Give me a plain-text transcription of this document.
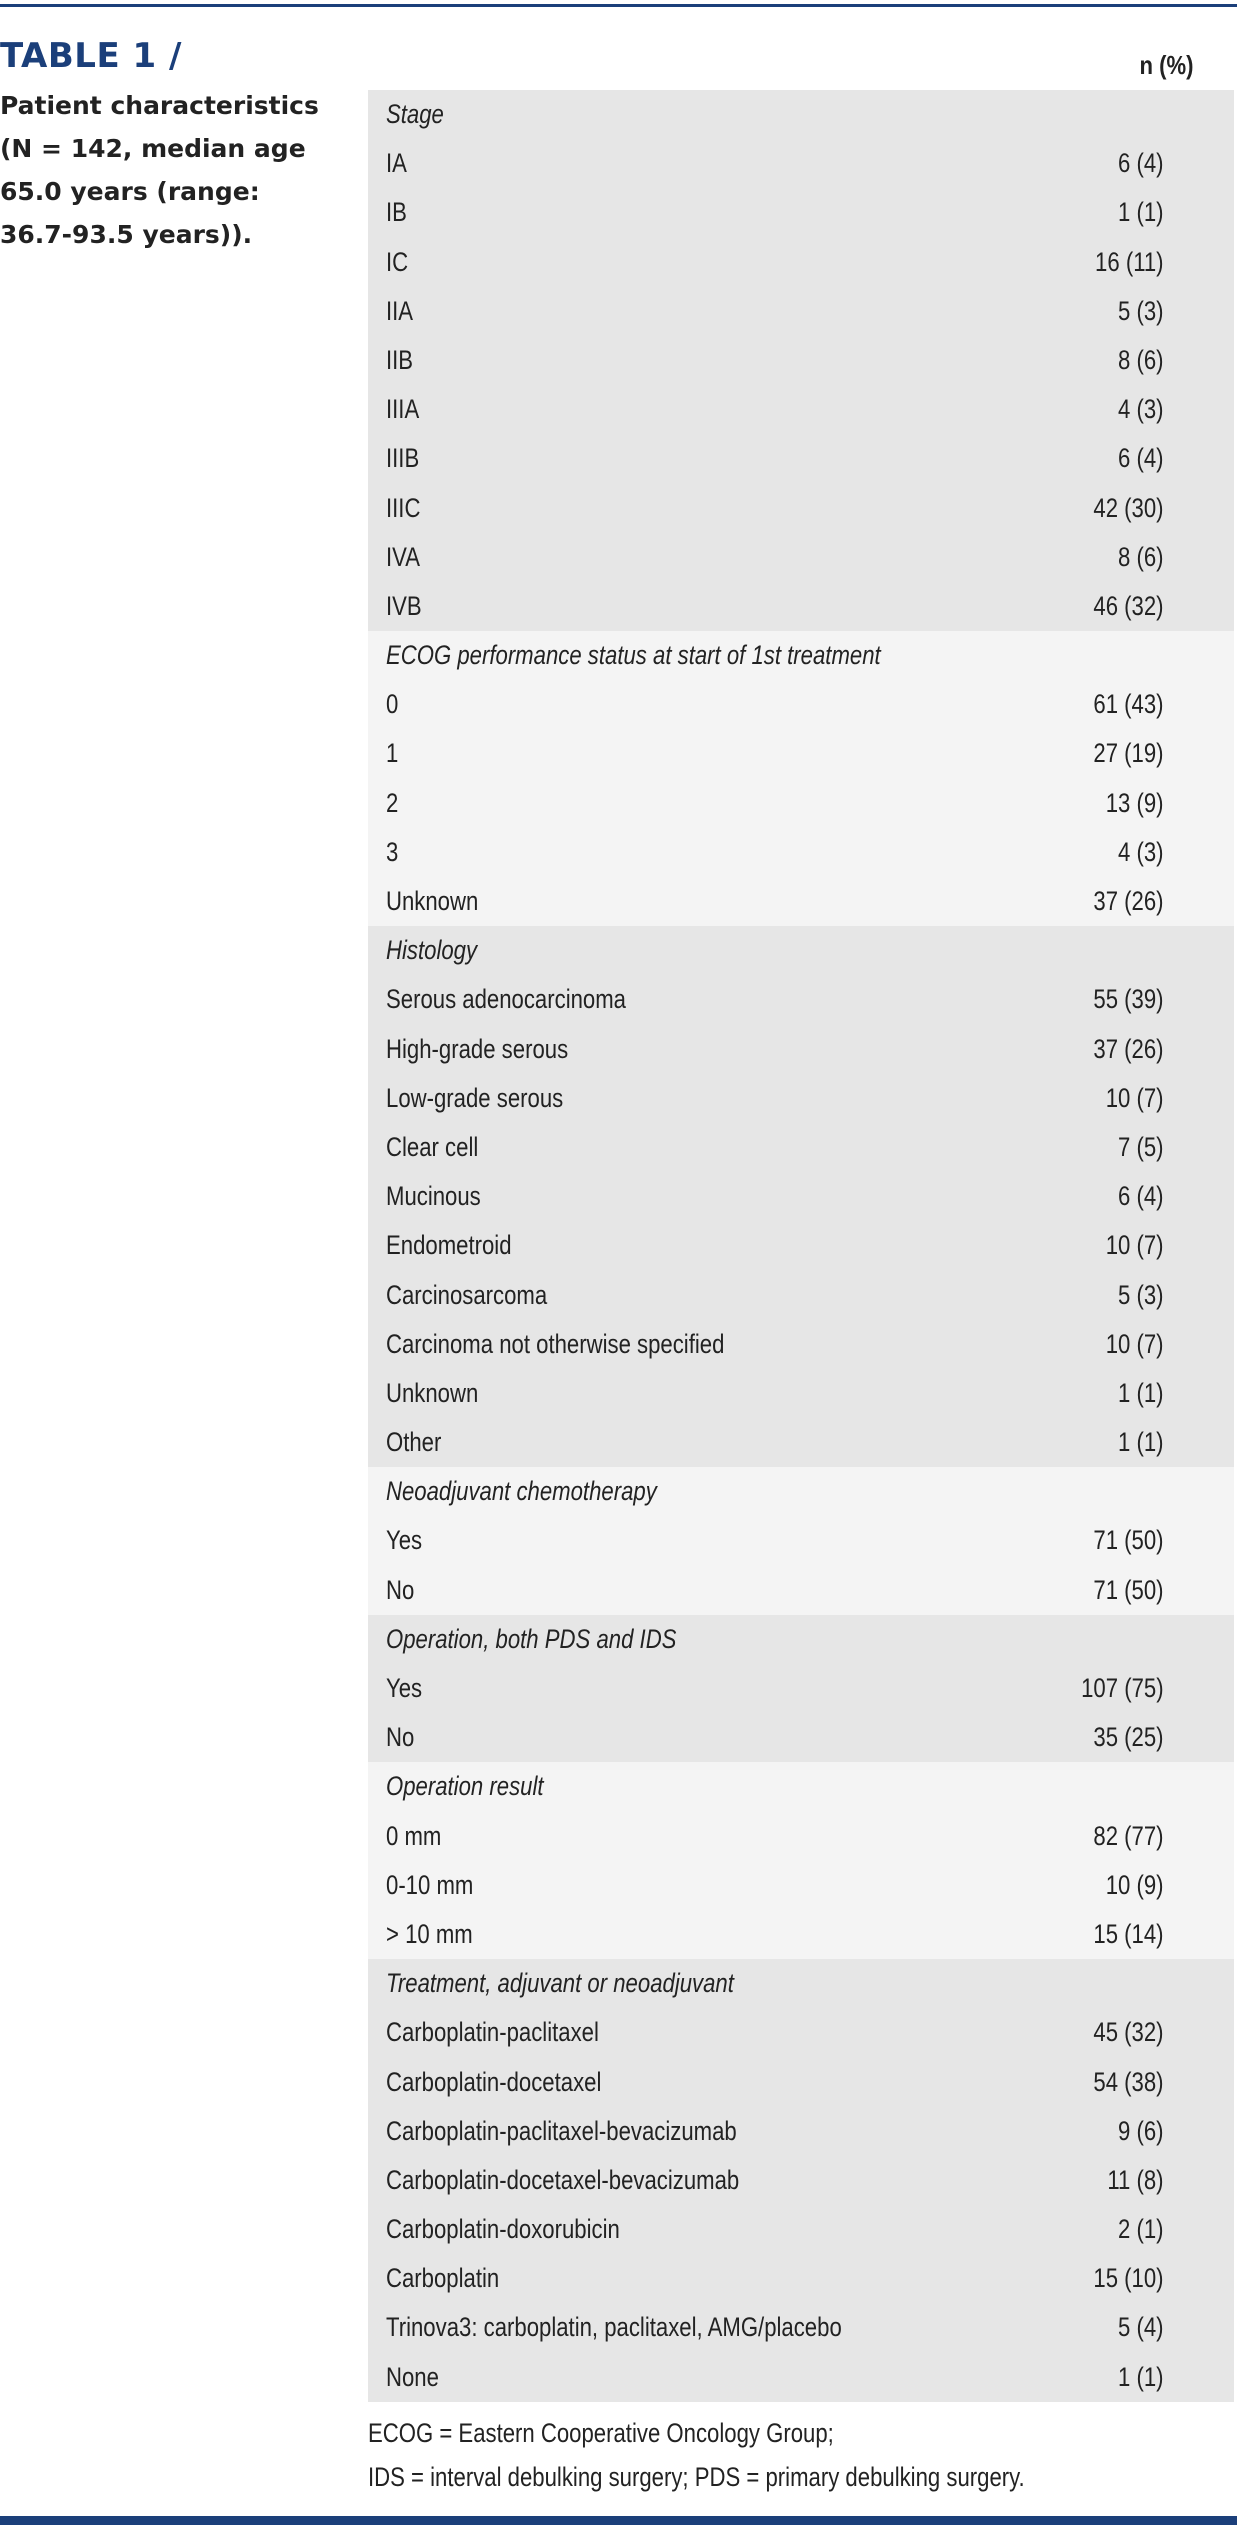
TABLE 1 /
Patient characteristics
(N = 142, median age
65.0 years (range:
36.7-93.5 years)).
n (%)
Stage
IA	6 (4)
IB	1 (1)
IC	16 (11)
IIA	5 (3)
IIB	8 (6)
IIIA	4 (3)
IIIB	6 (4)
IIIC	42 (30)
IVA	8 (6)
IVB	46 (32)
ECOG performance status at start of 1st treatment
0	61 (43)
1	27 (19)
2	13 (9)
3	4 (3)
Unknown	37 (26)
Histology
Serous adenocarcinoma	55 (39)
High-grade serous	37 (26)
Low-grade serous	10 (7)
Clear cell	7 (5)
Mucinous	6 (4)
Endometroid	10 (7)
Carcinosarcoma	5 (3)
Carcinoma not otherwise specified	10 (7)
Unknown	1 (1)
Other	1 (1)
Neoadjuvant chemotherapy
Yes	71 (50)
No	71 (50)
Operation, both PDS and IDS
Yes	107 (75)
No	35 (25)
Operation result
0 mm	82 (77)
0-10 mm	10 (9)
> 10 mm	15 (14)
Treatment, adjuvant or neoadjuvant
Carboplatin-paclitaxel	45 (32)
Carboplatin-docetaxel	54 (38)
Carboplatin-paclitaxel-bevacizumab	9 (6)
Carboplatin-docetaxel-bevacizumab	11 (8)
Carboplatin-doxorubicin	2 (1)
Carboplatin	15 (10)
Trinova3: carboplatin, paclitaxel, AMG/placebo	5 (4)
None	1 (1)
ECOG = Eastern Cooperative Oncology Group;
IDS = interval debulking surgery; PDS = primary debulking surgery.
